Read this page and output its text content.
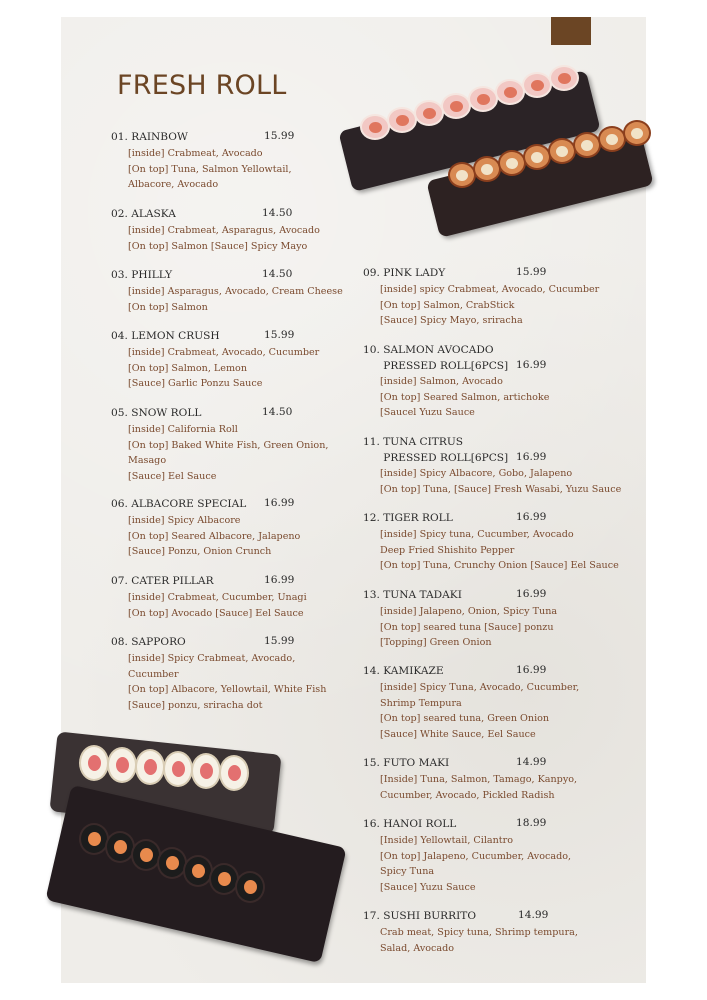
FRESH ROLL
01. RAINBOW	15.99
[inside] Crabmeat, Avocado
[On top] Tuna, Salmon Yellowtail,
Albacore, Avocado
02. ALASKA	14.50
[inside] Crabmeat, Asparagus, Avocado
[On top] Salmon [Sauce] Spicy Mayo
03. PHILLY	14.50
[inside] Asparagus, Avocado, Cream Cheese
[On top] Salmon
04. LEMON CRUSH	15.99
[inside] Crabmeat, Avocado, Cucumber
[On top] Salmon, Lemon
[Sauce] Garlic Ponzu Sauce
05. SNOW ROLL	14.50
[inside] California Roll
[On top] Baked White Fish, Green Onion,
Masago
[Sauce] Eel Sauce
06. ALBACORE SPECIAL 16.99
[inside] Spicy Albacore
[On top] Seared Albacore, Jalapeno
[Sauce] Ponzu, Onion Crunch
07. CATER PILLAR	16.99
[inside] Crabmeat, Cucumber, Unagi
[On top] Avocado [Sauce] Eel Sauce
08. SAPPORO	15.99
[inside] Spicy Crabmeat, Avocado,
Cucumber
[On top] Albacore, Yellowtail, White Fish
[Sauce] ponzu, sriracha dot
09. PINK LADY	15.99
[inside] spicy Crabmeat, Avocado, Cucumber
[On top] Salmon, CrabStick
[Sauce] Spicy Mayo, sriracha
10. SALMON AVOCADO
PRESSED ROLL[6PCS] 16.99
[inside] Salmon, Avocado
[On top] Seared Salmon, artichoke
[Saucel Yuzu Sauce
11. TUNA CITRUS
PRESSED ROLL[6PCS] 16.99
[inside] Spicy Albacore, Gobo, Jalapeno
[On top] Tuna, [Sauce] Fresh Wasabi, Yuzu Sauce
12. TIGER ROLL	16.99
[inside] Spicy tuna, Cucumber, Avocado
Deep Fried Shishito Pepper
[On top] Tuna, Crunchy Onion [Sauce] Eel Sauce
13. TUNA TADAKI	16.99
[inside] Jalapeno, Onion, Spicy Tuna
[On top] seared tuna [Sauce] ponzu
[Topping] Green Onion
14. KAMIKAZE	16.99
[inside] Spicy Tuna, Avocado, Cucumber,
Shrimp Tempura
[On top] seared tuna, Green Onion
[Sauce] White Sauce, Eel Sauce
15. FUTO MAKI	14.99
[Inside] Tuna, Salmon, Tamago, Kanpyo,
Cucumber, Avocado, Pickled Radish
16. HANOI ROLL	18.99
[Inside] Yellowtail, Cilantro
[On top] Jalapeno, Cucumber, Avocado,
Spicy Tuna
[Sauce] Yuzu Sauce
17. SUSHI BURRITO	14.99
Crab meat, Spicy tuna, Shrimp tempura,
Salad, Avocado
